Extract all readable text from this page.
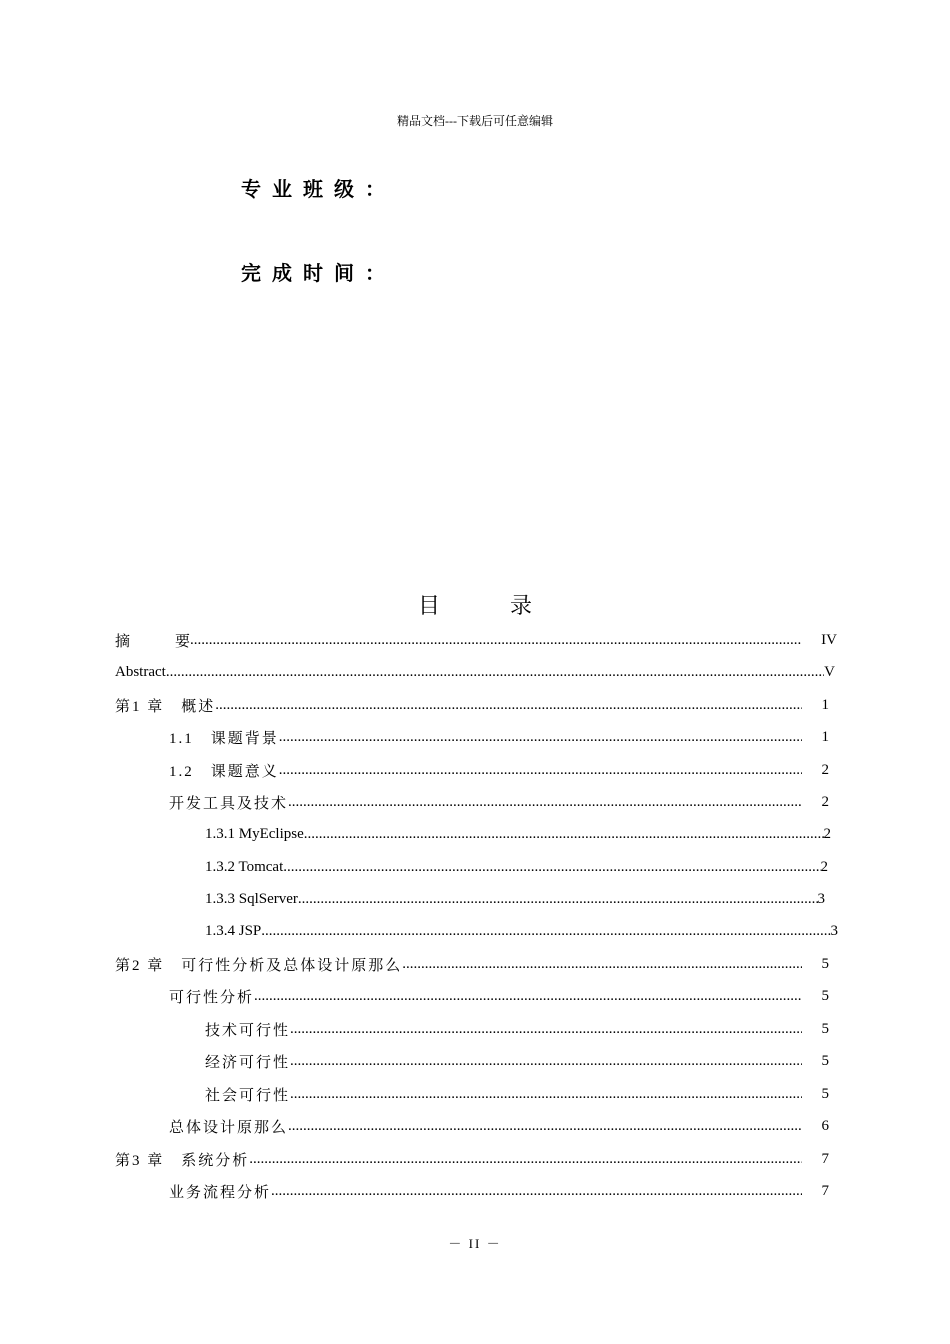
精品文档---下载后可任意编辑
专业班级：
完成时间：
目	录
摘　　　要 .....	IV
Abstract .....	V
第1 章　概述 .....	1
1.1　课题背景 .....	1
1.2　课题意义 .....	2
开发工具及技术 .....	2
1.3.1 MyEclipse .....	2
1.3.2 Tomcat .....	2
1.3.3 SqlServer .....	3
1.3.4 JSP .....	3
第2 章　可行性分析及总体设计原那么 .....	5
可行性分析 .....	5
技术可行性 .....	5
经济可行性 .....	5
社会可行性 .....	5
总体设计原那么 .....	6
第3 章　系统分析 .....	7
业务流程分析 .....	7
－ II －
